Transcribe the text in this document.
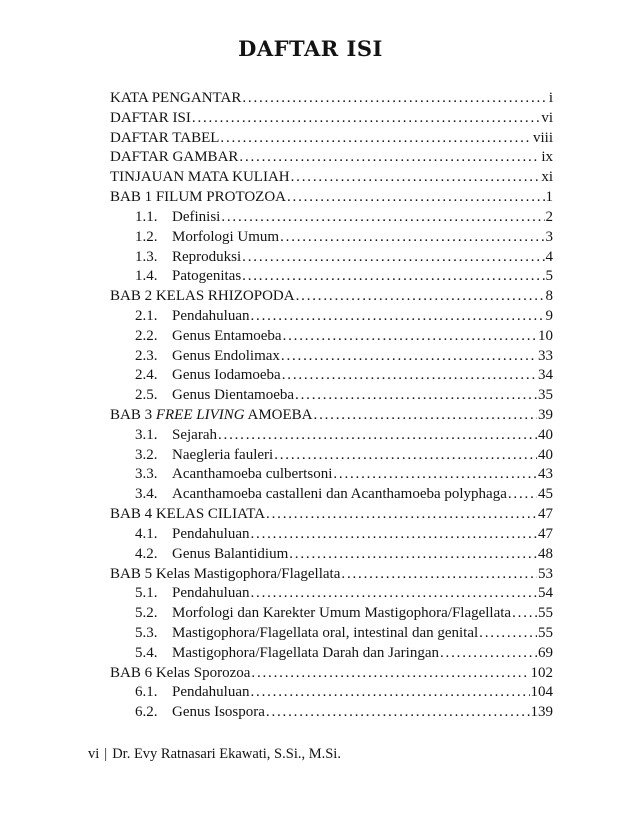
DAFTAR ISI
KATA PENGANTAR .....	i
DAFTAR ISI .....	vi
DAFTAR TABEL .....	viii
DAFTAR GAMBAR .....	ix
TINJAUAN MATA KULIAH .....	xi
BAB 1 FILUM PROTOZOA .....	1
1.1. Definisi .....	2
1.2. Morfologi Umum .....	3
1.3. Reproduksi .....	4
1.4. Patogenitas .....	5
BAB 2 KELAS RHIZOPODA .....	8
2.1. Pendahuluan .....	9
2.2. Genus Entamoeba .....	10
2.3. Genus Endolimax .....	33
2.4. Genus Iodamoeba .....	34
2.5. Genus Dientamoeba .....	35
BAB 3 FREE LIVING AMOEBA .....	39
3.1. Sejarah .....	40
3.2. Naegleria fauleri .....	40
3.3. Acanthamoeba culbertsoni .....	43
3.4. Acanthamoeba castalleni dan Acanthamoeba polyphaga ..... 45
BAB 4 KELAS CILIATA .....	47
4.1. Pendahuluan .....	47
4.2. Genus Balantidium .....	48
BAB 5 Kelas Mastigophora/Flagellata .....	53
5.1. Pendahuluan .....	54
5.2. Morfologi dan Karekter Umum Mastigophora/Flagellata ..... 55
5.3. Mastigophora/Flagellata oral, intestinal dan genital .....	55
5.4. Mastigophora/Flagellata Darah dan Jaringan .....	69
BAB 6 Kelas Sporozoa .....	102
6.1. Pendahuluan .....	104
6.2. Genus Isospora .....	139
vi | Dr. Evy Ratnasari Ekawati, S.Si., M.Si.
